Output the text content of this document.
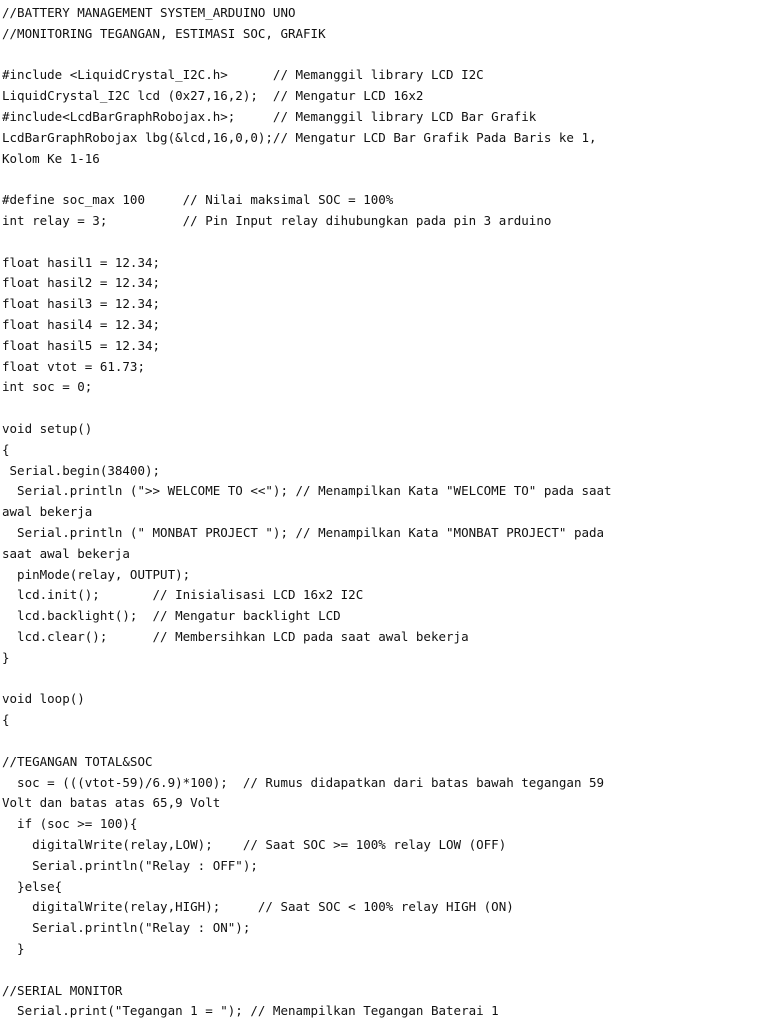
//BATTERY MANAGEMENT SYSTEM_ARDUINO UNO
//MONITORING TEGANGAN, ESTIMASI SOC, GRAFIK
#include <LiquidCrystal_I2C.h>      // Memanggil library LCD I2C
LiquidCrystal_I2C lcd (0x27,16,2);  // Mengatur LCD 16x2
#include<LcdBarGraphRobojax.h>;     // Memanggil library LCD Bar Grafik
LcdBarGraphRobojax lbg(&lcd,16,0,0);// Mengatur LCD Bar Grafik Pada Baris ke 1,
Kolom Ke 1-16
#define soc_max 100     // Nilai maksimal SOC = 100%
int relay = 3;          // Pin Input relay dihubungkan pada pin 3 arduino
float hasil1 = 12.34;
float hasil2 = 12.34;
float hasil3 = 12.34;
float hasil4 = 12.34;
float hasil5 = 12.34;
float vtot = 61.73;
int soc = 0;
void setup()
{
Serial.begin(38400);
Serial.println (">> WELCOME TO <<"); // Menampilkan Kata "WELCOME TO" pada saat
awal bekerja
Serial.println (" MONBAT PROJECT "); // Menampilkan Kata "MONBAT PROJECT" pada
saat awal bekerja
pinMode(relay, OUTPUT);
lcd.init();       // Inisialisasi LCD 16x2 I2C
lcd.backlight();  // Mengatur backlight LCD
lcd.clear();      // Membersihkan LCD pada saat awal bekerja
}
void loop()
{
//TEGANGAN TOTAL&SOC
soc = (((vtot-59)/6.9)*100);  // Rumus didapatkan dari batas bawah tegangan 59
Volt dan batas atas 65,9 Volt
if (soc >= 100){
digitalWrite(relay,LOW);    // Saat SOC >= 100% relay LOW (OFF)
Serial.println("Relay : OFF");
}else{
digitalWrite(relay,HIGH);     // Saat SOC < 100% relay HIGH (ON)
Serial.println("Relay : ON");
}
//SERIAL MONITOR
Serial.print("Tegangan 1 = "); // Menampilkan Tegangan Baterai 1
